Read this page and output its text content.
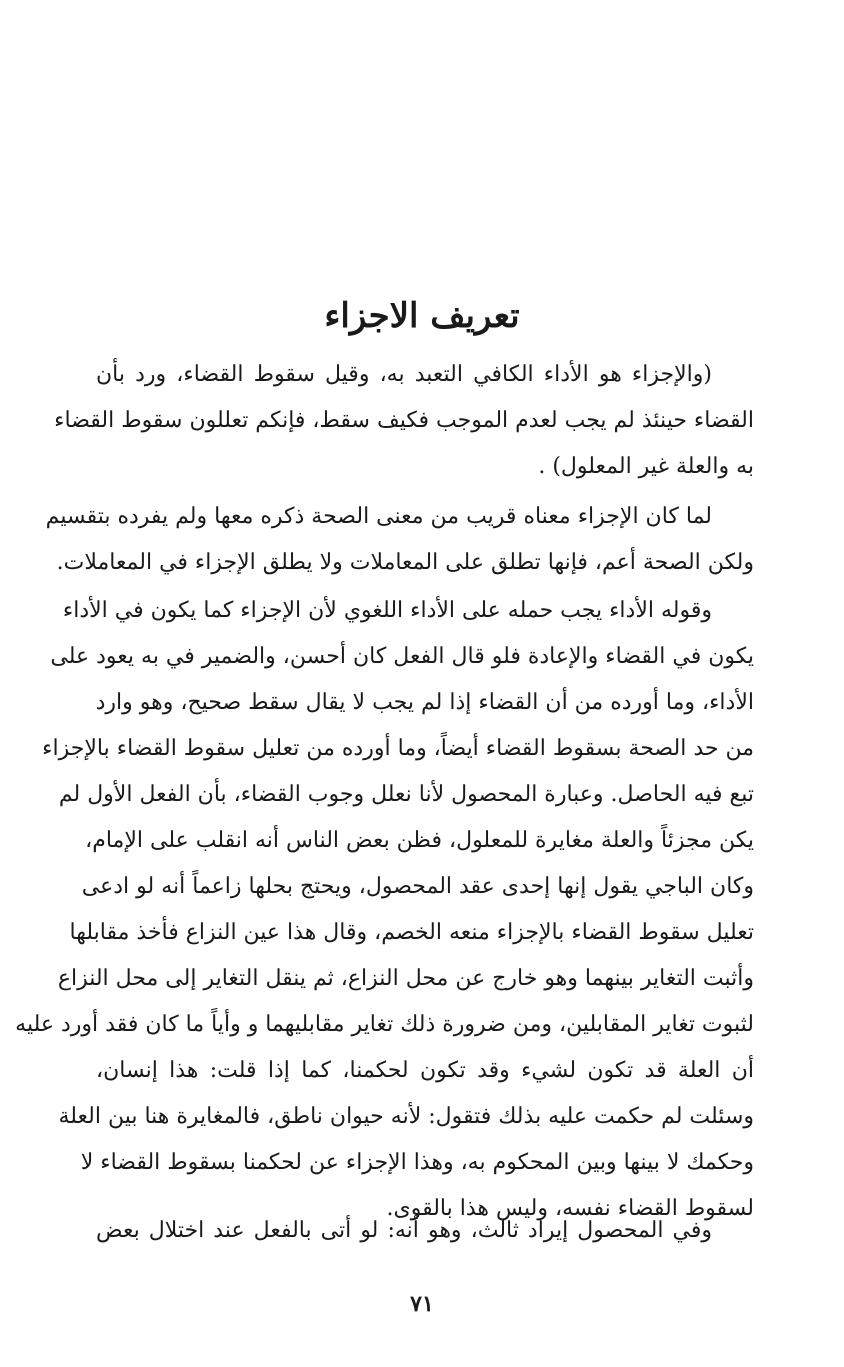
تعريف الاجزاء
(والإجزاء هو الأداء الكافي التعبد به، وقيل سقوط القضاء، ورد بأن
القضاء حينئذ لم يجب لعدم الموجب فكيف سقط، فإنكم تعللون سقوط القضاء
به والعلة غير المعلول) .
لما كان الإجزاء معناه قريب من معنى الصحة ذكره معها ولم يفرده بتقسيم
ولكن الصحة أعم، فإنها تطلق على المعاملات ولا يطلق الإجزاء في المعاملات.
وقوله الأداء يجب حمله على الأداء اللغوي لأن الإجزاء كما يكون في الأداء
يكون في القضاء والإعادة فلو قال الفعل كان أحسن، والضمير في به يعود على
الأداء، وما أورده من أن القضاء إذا لم يجب لا يقال سقط صحيح، وهو وارد
من حد الصحة بسقوط القضاء أيضاً، وما أورده من تعليل سقوط القضاء بالإجزاء
تبع فيه الحاصل. وعبارة المحصول لأنا نعلل وجوب القضاء، بأن الفعل الأول لم
يكن مجزئاً والعلة مغايرة للمعلول، فظن بعض الناس أنه انقلب على الإمام،
وكان الباجي يقول إنها إحدى عقد المحصول، ويحتج بحلها زاعماً أنه لو ادعى
تعليل سقوط القضاء بالإجزاء منعه الخصم، وقال هذا عين النزاع فأخذ مقابلها
وأثبت التغاير بينهما وهو خارج عن محل النزاع، ثم ينقل التغاير إلى محل النزاع
لثبوت تغاير المقابلين، ومن ضرورة ذلك تغاير مقابليهما و وأياً ما كان فقد أورد عليه
أن العلة قد تكون لشيء وقد تكون لحكمنا، كما إذا قلت: هذا إنسان،
وسئلت لم حكمت عليه بذلك فتقول: لأنه حيوان ناطق، فالمغايرة هنا بين العلة
وحكمك لا بينها وبين المحكوم به، وهذا الإجزاء عن لحكمنا بسقوط القضاء لا
لسقوط القضاء نفسه، وليس هذا بالقوى.
وفي المحصول إيراد ثالث، وهو أنه: لو أتى بالفعل عند اختلال بعض
٧١
